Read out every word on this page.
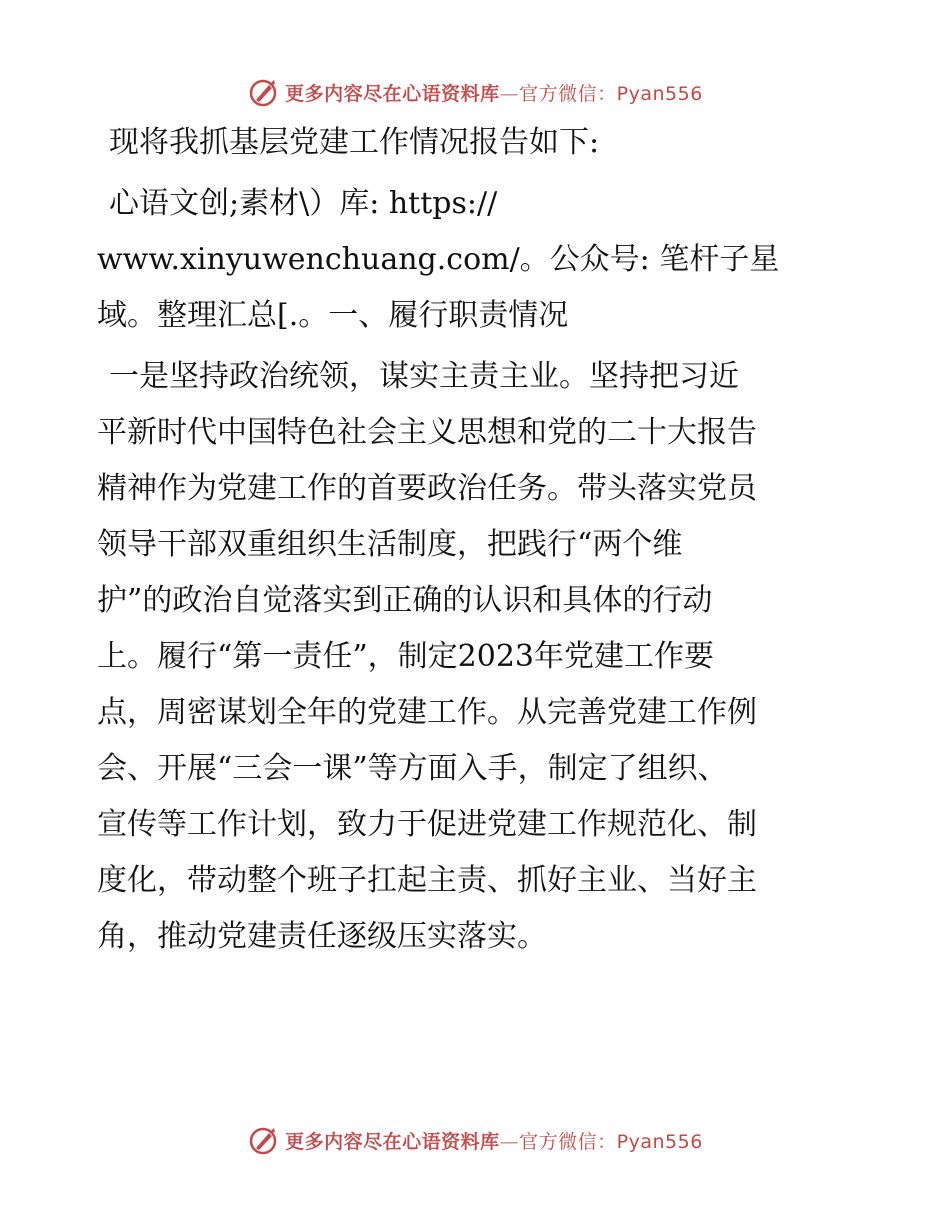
更多内容尽在心语资料库—官方微信：Pyan556
现将我抓基层党建工作情况报告如下:
心语文创;素材\）库: https://
www.xinyuwenchuang.com/。公众号: 笔杆子星
域。整理汇总[.。一、履行职责情况
一是坚持政治统领，谋实主责主业。坚持把习近
平新时代中国特色社会主义思想和党的二十大报告
精神作为党建工作的首要政治任务。带头落实党员
领导干部双重组织生活制度，把践行“两个维
护”的政治自觉落实到正确的认识和具体的行动
上。履行“第一责任”，制定2023年党建工作要
点，周密谋划全年的党建工作。从完善党建工作例
会、开展“三会一课”等方面入手，制定了组织、
宣传等工作计划，致力于促进党建工作规范化、制
度化，带动整个班子扛起主责、抓好主业、当好主
角，推动党建责任逐级压实落实。
更多内容尽在心语资料库—官方微信：Pyan556
